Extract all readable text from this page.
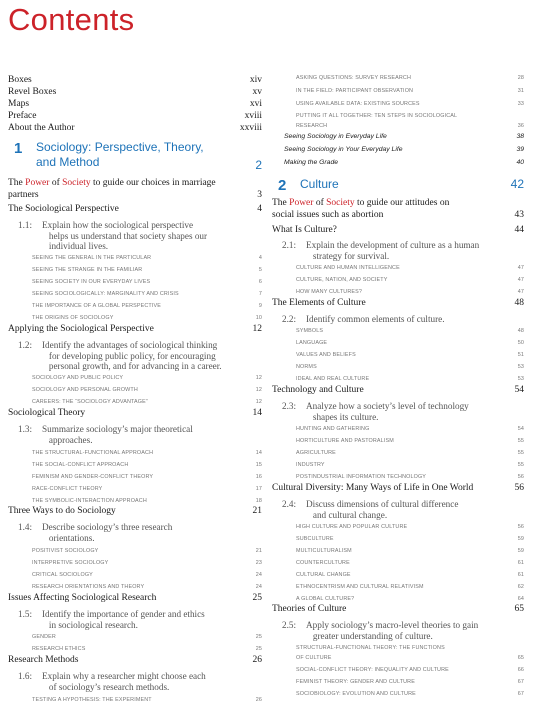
Contents
Boxes	xiv
Revel Boxes	xv
Maps	xvi
Preface	xviii
About the Author	xxviii
1	Sociology: Perspective, Theory,
and Method	2
The Power of Society to guide our choices in marriage
partners	3
The Sociological Perspective	4
1.1:	Explain how the sociological perspective
helps us understand that society shapes our
individual lives.
SEEING THE GENERAL IN THE PARTICULAR	4
SEEING THE STRANGE IN THE FAMILIAR	5
SEEING SOCIETY IN OUR EVERYDAY LIVES	6
SEEING SOCIOLOGICALLY: MARGINALITY AND CRISIS	7
THE IMPORTANCE OF A GLOBAL PERSPECTIVE	9
THE ORIGINS OF SOCIOLOGY	10
Applying the Sociological Perspective	12
1.2:	Identify the advantages of sociological thinking
for developing public policy, for encouraging
personal growth, and for advancing in a career.
SOCIOLOGY AND PUBLIC POLICY	12
SOCIOLOGY AND PERSONAL GROWTH	12
CAREERS: THE “SOCIOLOGY ADVANTAGE”	12
Sociological Theory	14
1.3:	Summarize sociology’s major theoretical
approaches.
THE STRUCTURAL-FUNCTIONAL APPROACH	14
THE SOCIAL-CONFLICT APPROACH	15
FEMINISM AND GENDER-CONFLICT THEORY	16
RACE-CONFLICT THEORY	17
THE SYMBOLIC-INTERACTION APPROACH	18
Three Ways to do Sociology	21
1.4:	Describe sociology’s three research
orientations.
POSITIVIST SOCIOLOGY	21
INTERPRETIVE SOCIOLOGY	23
CRITICAL SOCIOLOGY	24
RESEARCH ORIENTATIONS AND THEORY	24
Issues Affecting Sociological Research	25
1.5:	Identify the importance of gender and ethics
in sociological research.
GENDER	25
RESEARCH ETHICS	25
Research Methods	26
1.6:	Explain why a researcher might choose each
of sociology’s research methods.
TESTING A HYPOTHESIS: THE EXPERIMENT	26
ASKING QUESTIONS: SURVEY RESEARCH	28
IN THE FIELD: PARTICIPANT OBSERVATION	31
USING AVAILABLE DATA: EXISTING SOURCES	33
PUTTING IT ALL TOGETHER: TEN STEPS IN SOCIOLOGICAL
RESEARCH	36
Seeing Sociology in Everyday Life	38
Seeing Sociology in Your Everyday Life	39
Making the Grade	40
2	Culture	42
The Power of Society to guide our attitudes on
social issues such as abortion	43
What Is Culture?	44
2.1:	Explain the development of culture as a human
strategy for survival.
CULTURE AND HUMAN INTELLIGENCE	47
CULTURE, NATION, AND SOCIETY	47
HOW MANY CULTURES?	47
The Elements of Culture	48
2.2:	Identify common elements of culture.
SYMBOLS	48
LANGUAGE	50
VALUES AND BELIEFS	51
NORMS	53
IDEAL AND REAL CULTURE	53
Technology and Culture	54
2.3:	Analyze how a society’s level of technology
shapes its culture.
HUNTING AND GATHERING	54
HORTICULTURE AND PASTORALISM	55
AGRICULTURE	55
INDUSTRY	55
POSTINDUSTRIAL INFORMATION TECHNOLOGY	56
Cultural Diversity: Many Ways of Life in One World	56
2.4:	Discuss dimensions of cultural difference
and cultural change.
HIGH CULTURE AND POPULAR CULTURE	56
SUBCULTURE	59
MULTICULTURALISM	59
COUNTERCULTURE	61
CULTURAL CHANGE	61
ETHNOCENTRISM AND CULTURAL RELATIVISM	62
A GLOBAL CULTURE?	64
Theories of Culture	65
2.5:	Apply sociology’s macro-level theories to gain
greater understanding of culture.
STRUCTURAL-FUNCTIONAL THEORY: THE FUNCTIONS
OF CULTURE	65
SOCIAL-CONFLICT THEORY: INEQUALITY AND CULTURE	66
FEMINIST THEORY: GENDER AND CULTURE	67
SOCIOBIOLOGY: EVOLUTION AND CULTURE	67
